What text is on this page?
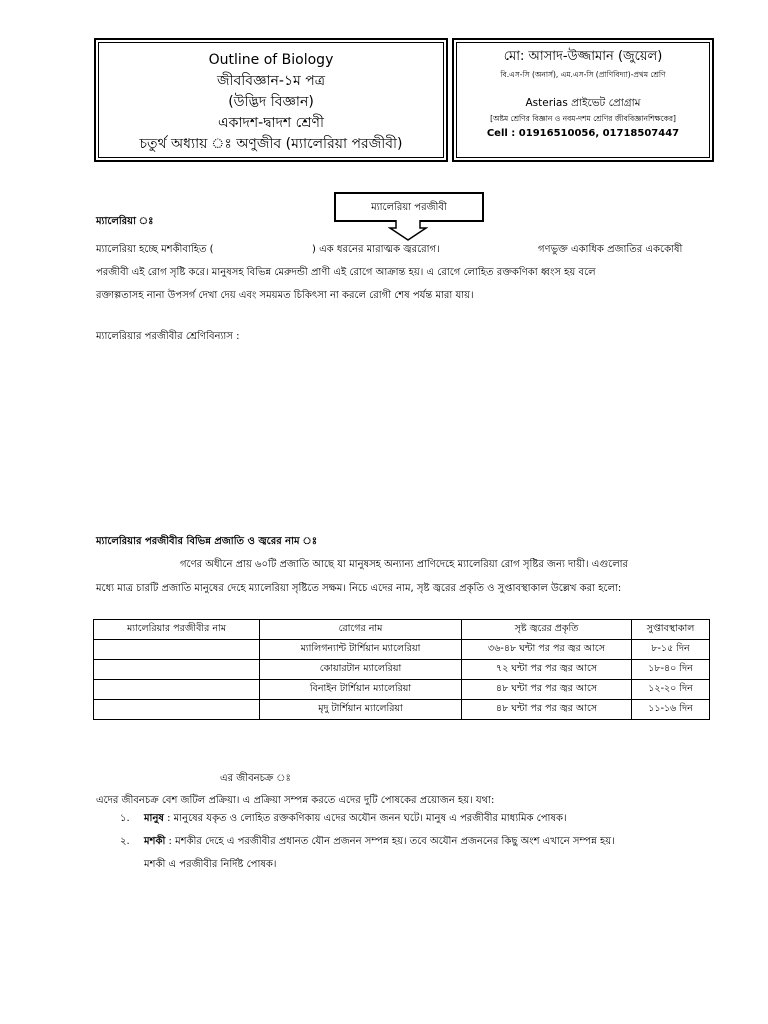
Outline of Biology
জীববিজ্ঞান-১ম পত্র
(উদ্ভিদ বিজ্ঞান)
একাদশ-দ্বাদশ শ্রেণী
চতুর্থ অধ্যায় ঃ অণুজীব (ম্যালেরিয়া পরজীবী)
মো: আসাদ-উজ্জামান (জুয়েল)
বি.এস-সি (অনার্স), এম.এস-সি (প্রাণিবিদ্যা)-প্রথম শ্রেণি
Asterias প্রাইভেট প্রোগ্রাম
[অষ্টম শ্রেণির বিজ্ঞান ও নবম-দশম শ্রেণির জীববিজ্ঞানশিক্ষকের]
Cell : 01916510056, 01718507447
ম্যালেরিয়া পরজীবী
ম্যালেরিয়া ঃ
ম্যালেরিয়া হচ্ছে মশকীবাহিত (	) এক ধরনের মারাত্মক জ্বররোগ।	গণভুক্ত একাধিক প্রজাতির এককোষী
পরজীবী এই রোগ সৃষ্টি করে। মানুষসহ বিভিন্ন মেরুদন্ডী প্রাণী এই রোগে আক্রান্ত হয়। এ রোগে লোহিত রক্তকণিকা ধ্বংস হয় বলে
রক্তাল্পতাসহ নানা উপসর্গ দেখা দেয় এবং সময়মত চিকিৎসা না করলে রোগী শেষ পর্যন্ত মারা যায়।
ম্যালেরিয়ার পরজীবীর শ্রেণিবিন্যাস :
ম্যালেরিয়ার পরজীবীর বিভিন্ন প্রজাতি ও জ্বরের নাম ঃ
গণের অধীনে প্রায় ৬০টি প্রজাতি আছে যা মানুষসহ অন্যান্য প্রাণিদেহে ম্যালেরিয়া রোগ সৃষ্টির জন্য দায়ী। এগুলোর
মধ্যে মাত্র চারটি প্রজাতি মানুষের দেহে ম্যালেরিয়া সৃষ্টিতে সক্ষম। নিচে এদের নাম, সৃষ্ট জ্বরের প্রকৃতি ও সুপ্তাবস্থাকাল উল্লেখ করা হলো:
ম্যালেরিয়ার পরজীবীর নাম	রোগের নাম	সৃষ্ট জ্বরের প্রকৃতি	সুপ্তাবস্থাকাল
	ম্যালিগন্যান্ট টার্শিয়ান ম্যালেরিয়া	৩৬-৪৮ ঘন্টা পর পর জ্বর আসে	৮-১৫ দিন
	কোয়ারটান ম্যালেরিয়া	৭২ ঘন্টা পর পর জ্বর আসে	১৮-৪০ দিন
	বিনাইন টার্শিয়ান ম্যালেরিয়া	৪৮ ঘন্টা পর পর জ্বর আসে	১২-২০ দিন
	মৃদু টার্শিয়ান ম্যালেরিয়া	৪৮ ঘন্টা পর পর জ্বর আসে	১১-১৬ দিন
এর জীবনচক্র ঃ
এদের জীবনচক্র বেশ জটিল প্রক্রিয়া। এ প্রক্রিয়া সম্পন্ন করতে এদের দুটি পোষকের প্রয়োজন হয়। যথা:
১. মানুষ : মানুষের যকৃত ও লোহিত রক্তকণিকায় এদের অযৌন জনন ঘটে। মানুষ এ পরজীবীর মাধ্যমিক পোষক।
২. মশকী : মশকীর দেহে এ পরজীবীর প্রধানত যৌন প্রজনন সম্পন্ন হয়। তবে অযৌন প্রজননের কিছু অংশ এখানে সম্পন্ন হয়।
মশকী এ পরজীবীর নির্দিষ্ট পোষক।
